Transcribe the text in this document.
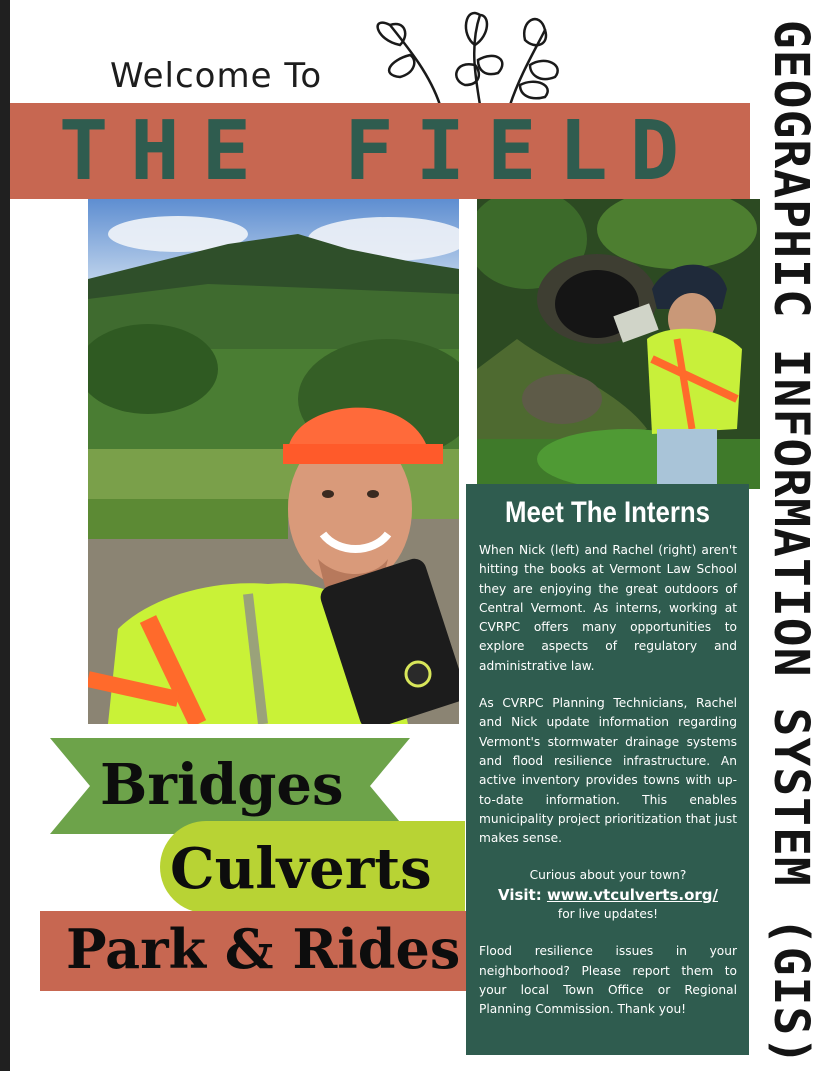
Welcome To
THE FIELD
Meet The Interns

When Nick (left) and Rachel (right) aren't hitting the books at Vermont Law School they are enjoying the great outdoors of Central Vermont. As interns, working at CVRPC offers many opportunities to explore aspects of regulatory and administrative law.

As CVRPC Planning Technicians, Rachel and Nick update information regarding Vermont's stormwater drainage systems and flood resilience infrastructure. An active inventory provides towns with up-to-date information. This enables municipality project prioritization that just makes sense.

Curious about your town?
Visit: www.vtculverts.org/
for live updates!

Flood resilience issues in your neighborhood? Please report them to your local Town Office or Regional Planning Commission. Thank you!	GEOGRAPHIC INFORMATION SYSTEM (GIS)
Bridges
Culverts
Park & Rides
